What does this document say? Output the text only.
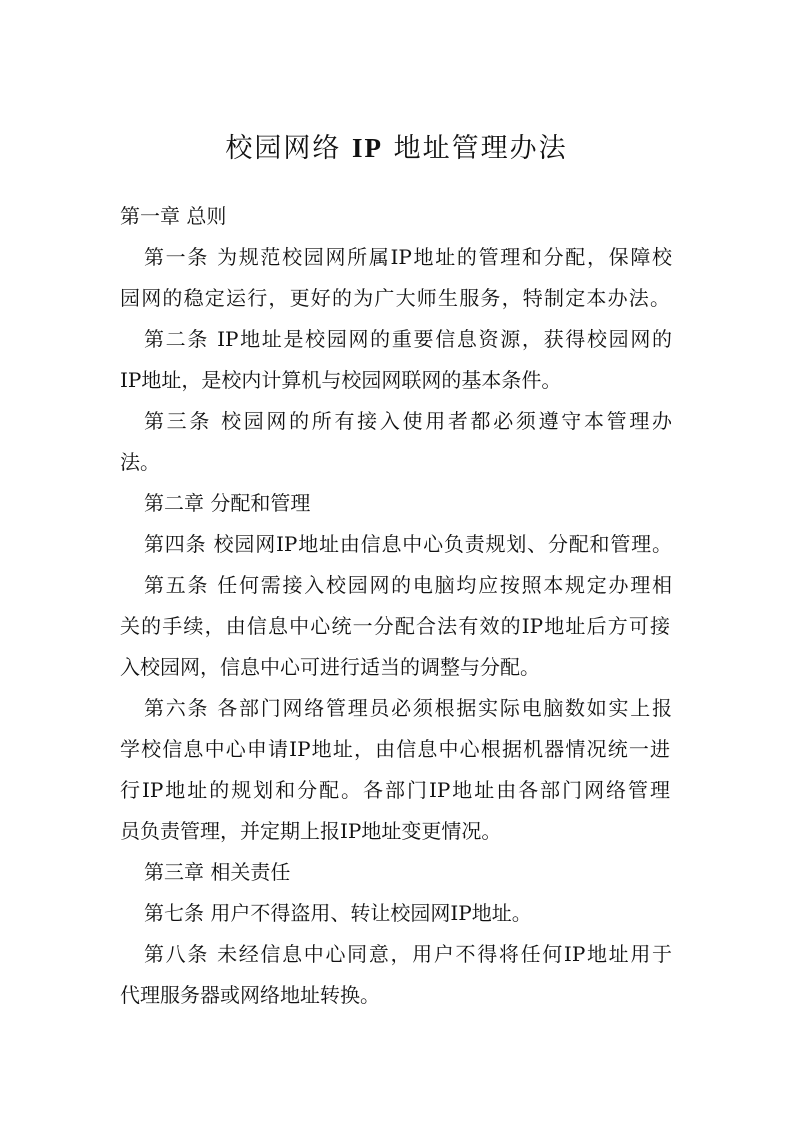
校园网络 IP 地址管理办法
第一章 总则
第一条 为规范校园网所属IP地址的管理和分配，保障校
园网的稳定运行，更好的为广大师生服务，特制定本办法。
第二条 IP地址是校园网的重要信息资源，获得校园网的
IP地址，是校内计算机与校园网联网的基本条件。
第三条 校园网的所有接入使用者都必须遵守本管理办
法。
第二章 分配和管理
第四条 校园网IP地址由信息中心负责规划、分配和管理。
第五条 任何需接入校园网的电脑均应按照本规定办理相
关的手续，由信息中心统一分配合法有效的IP地址后方可接
入校园网，信息中心可进行适当的调整与分配。
第六条 各部门网络管理员必须根据实际电脑数如实上报
学校信息中心申请IP地址，由信息中心根据机器情况统一进
行IP地址的规划和分配。各部门IP地址由各部门网络管理
员负责管理，并定期上报IP地址变更情况。
第三章 相关责任
第七条 用户不得盗用、转让校园网IP地址。
第八条 未经信息中心同意，用户不得将任何IP地址用于
代理服务器或网络地址转换。
